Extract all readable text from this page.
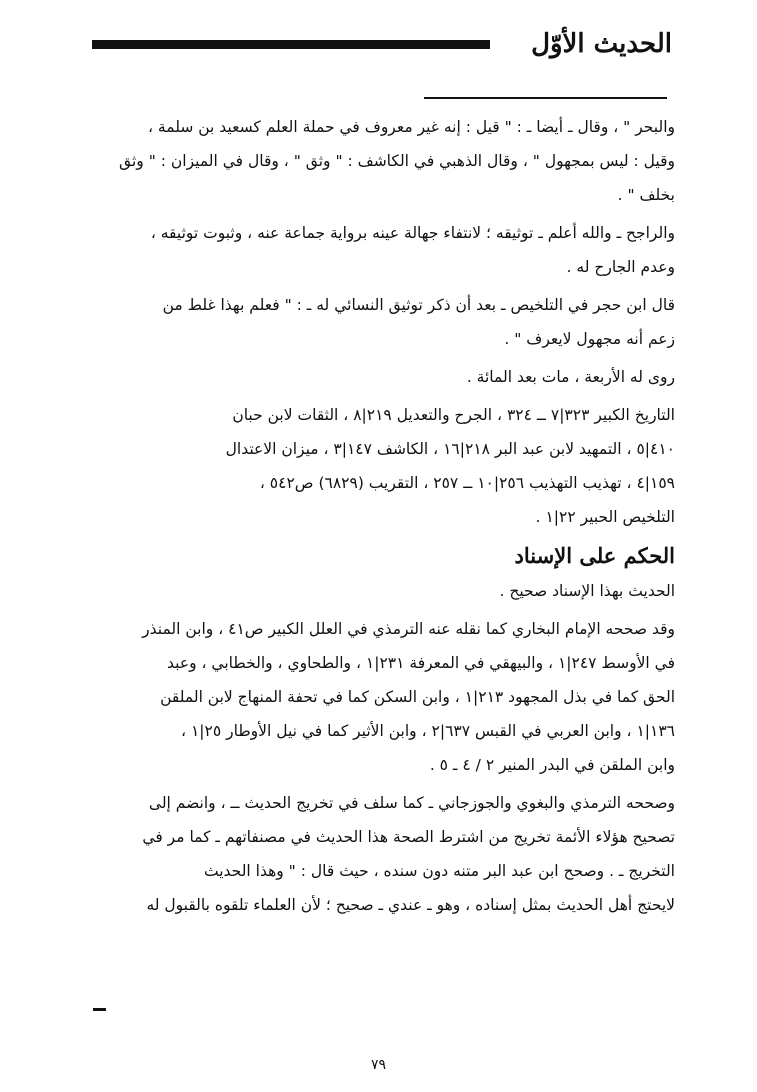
الحديث الأوّل
والبحر " ، وقال ـ أيضا ـ : " قيل : إنه غير معروف في حملة العلم كسعيد بن سلمة ،
وقيل : ليس بمجهول " ، وقال الذهبي في الكاشف : " وثق " ، وقال في الميزان : " وثق
بخلف " .
والراجح ـ والله أعلم ـ توثيقه ؛ لانتفاء جهالة عينه برواية جماعة عنه ، وثبوت توثيقه ،
وعدم الجارح له .
قال ابن حجر في التلخيص ـ بعد أن ذكر توثيق النسائي له ـ : " فعلم بهذا غلط من
زعم أنه مجهول لايعرف " .
روى له الأربعة ، مات بعد المائة .
التاريخ الكبير ٣٢٣|٧ ــ ٣٢٤ ، الجرح والتعديل ٢١٩|٨ ، الثقات لابن حبان
٤١٠|٥ ، التمهيد لابن عبد البر ٢١٨|١٦ ، الكاشف ١٤٧|٣ ، ميزان الاعتدال
١٥٩|٤ ، تهذيب التهذيب ٢٥٦|١٠ ــ ٢٥٧ ، التقريب (٦٨٢٩) ص٥٤٢ ،
التلخيص الحبير ٢٢|١ .
الحكم على الإسناد
الحديث بهذا الإسناد صحيح .
وقد صححه الإمام البخاري كما نقله عنه الترمذي في العلل الكبير ص٤١ ، وابن المنذر
في الأوسط ٢٤٧|١ ، والبيهقي في المعرفة ٢٣١|١ ، والطحاوي ، والخطابي ، وعبد
الحق كما في بذل المجهود ٢١٣|١ ، وابن السكن كما في تحفة المنهاج لابن الملقن
١٣٦|١ ، وابن العربي في القبس ٦٣٧|٢ ، وابن الأثير كما في نيل الأوطار ٢٥|١ ،
وابن الملقن في البدر المنير ٢ / ٤ ـ ٥ .
وصححه الترمذي والبغوي والجوزجاني ـ كما سلف في تخريج الحديث ــ ، وانضم إلى
تصحيح هؤلاء الأئمة تخريج من اشترط الصحة هذا الحديث في مصنفاتهم ـ كما مر في
التخريج ـ . وصحح ابن عبد البر متنه دون سنده ، حيث قال : " وهذا الحديث
لايحتج أهل الحديث بمثل إسناده ، وهو ـ عندي ـ صحيح ؛ لأن العلماء تلقوه بالقبول له
٧٩
